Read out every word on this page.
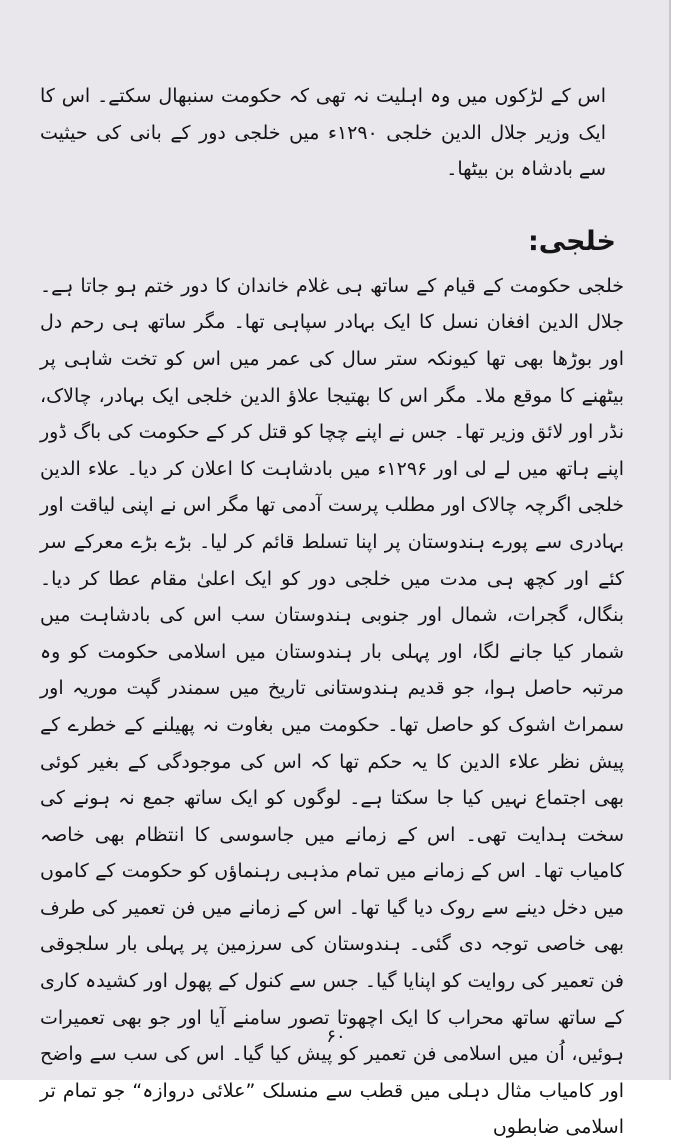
اس کے لڑکوں میں وہ اہلیت نہ تھی کہ حکومت سنبھال سکتے۔ اس کا ایک وزیر جلال الدین خلجی ۱۲۹۰ء میں خلجی دور کے بانی کی حیثیت سے بادشاہ بن بیٹھا۔

خلجی:

خلجی حکومت کے قیام کے ساتھ ہی غلام خاندان کا دور ختم ہو جاتا ہے۔ جلال الدین افغان نسل کا ایک بہادر سپاہی تھا۔ مگر ساتھ ہی رحم دل اور بوڑھا بھی تھا کیونکہ ستر سال کی عمر میں اس کو تخت شاہی پر بیٹھنے کا موقع ملا۔ مگر اس کا بھتیجا علاؤ الدین خلجی ایک بہادر، چالاک، نڈر اور لائق وزیر تھا۔ جس نے اپنے چچا کو قتل کر کے حکومت کی باگ ڈور اپنے ہاتھ میں لے لی اور ۱۲۹۶ء میں بادشاہت کا اعلان کر دیا۔ علاء الدین خلجی اگرچہ چالاک اور مطلب پرست آدمی تھا مگر اس نے اپنی لیاقت اور بہادری سے پورے ہندوستان پر اپنا تسلط قائم کر لیا۔ بڑے بڑے معرکے سر کئے اور کچھ ہی مدت میں خلجی دور کو ایک اعلیٰ مقام عطا کر دیا۔ بنگال، گجرات، شمال اور جنوبی ہندوستان سب اس کی بادشاہت میں شمار کیا جانے لگا، اور پہلی بار ہندوستان میں اسلامی حکومت کو وہ مرتبہ حاصل ہوا، جو قدیم ہندوستانی تاریخ میں سمندر گپت موریہ اور سمراٹ اشوک کو حاصل تھا۔ حکومت میں بغاوت نہ پھیلنے کے خطرے کے پیش نظر علاء الدین کا یہ حکم تھا کہ اس کی موجودگی کے بغیر کوئی بھی اجتماع نہیں کیا جا سکتا ہے۔ لوگوں کو ایک ساتھ جمع نہ ہونے کی سخت ہدایت تھی۔ اس کے زمانے میں جاسوسی کا انتظام بھی خاصہ کامیاب تھا۔ اس کے زمانے میں تمام مذہبی رہنماؤں کو حکومت کے کاموں میں دخل دینے سے روک دیا گیا تھا۔ اس کے زمانے میں فن تعمیر کی طرف بھی خاصی توجہ دی گئی۔ ہندوستان کی سرزمین پر پہلی بار سلجوقی فن تعمیر کی روایت کو اپنایا گیا۔ جس سے کنول کے پھول اور کشیدہ کاری کے ساتھ ساتھ محراب کا ایک اچھوتا تصور سامنے آیا اور جو بھی تعمیرات ہوئیں، اُن میں اسلامی فن تعمیر کو پیش کیا گیا۔ اس کی سب سے واضح اور کامیاب مثال دہلی میں قطب سے منسلک ”علائی دروازہ“ جو تمام تر اسلامی ضابطوں

۶۰
